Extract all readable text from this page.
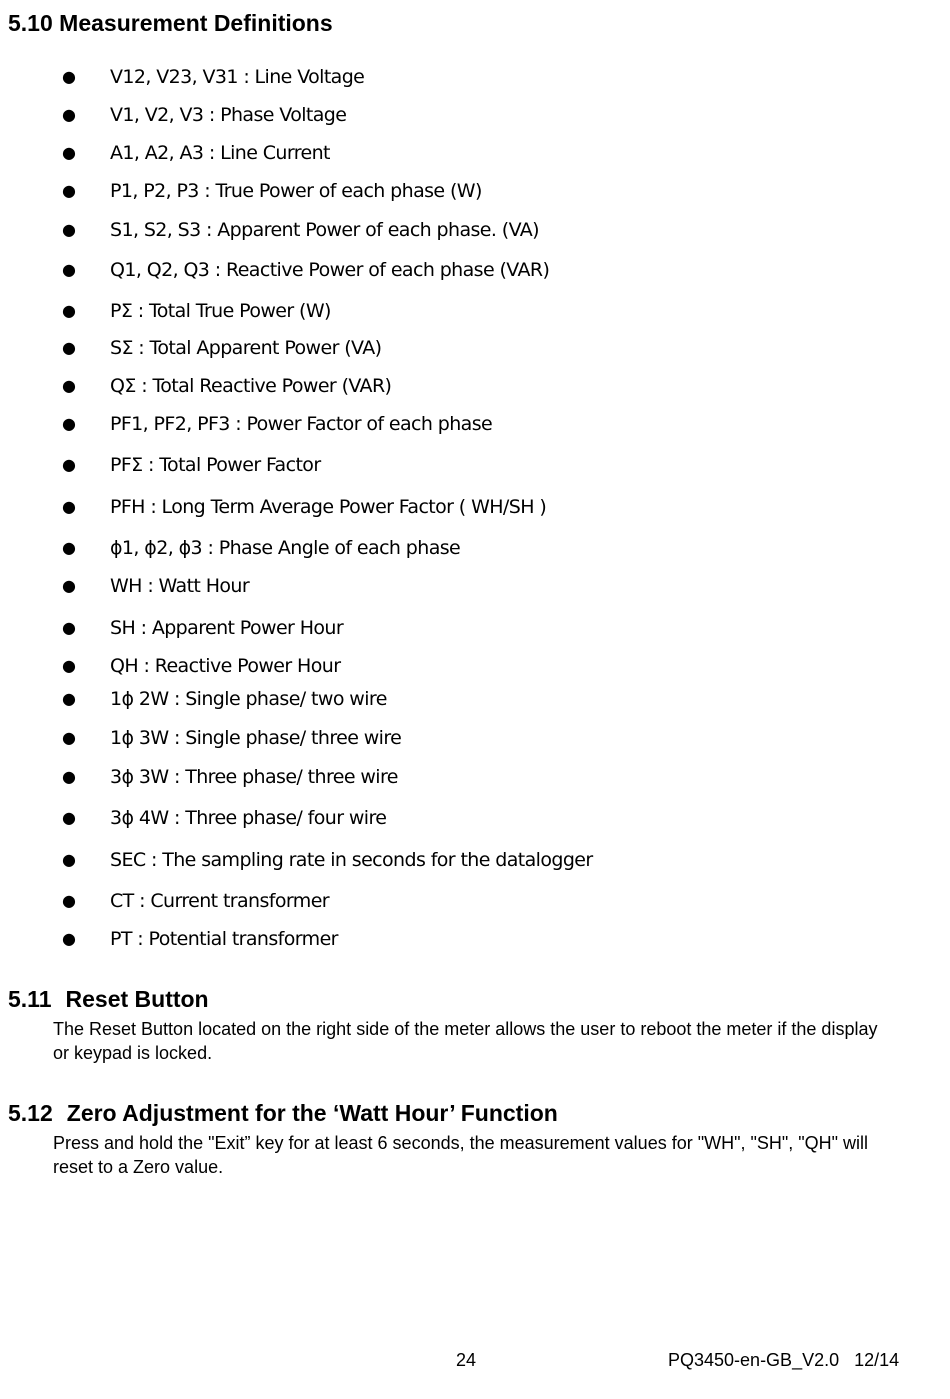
5.10 Measurement Definitions
● V12, V23, V31 : Line Voltage
● V1, V2, V3 : Phase Voltage
● A1, A2, A3 : Line Current
● P1, P2, P3 : True Power of each phase (W)
● S1, S2, S3 : Apparent Power of each phase. (VA)
● Q1, Q2, Q3 : Reactive Power of each phase (VAR)
● PΣ : Total True Power (W)
● SΣ : Total Apparent Power (VA)
● QΣ : Total Reactive Power (VAR)
● PF1, PF2, PF3 : Power Factor of each phase
● PFΣ : Total Power Factor
● PFH : Long Term Average Power Factor ( WH/SH )
● ϕ1, ϕ2, ϕ3 : Phase Angle of each phase
● WH : Watt Hour
● SH : Apparent Power Hour
● QH : Reactive Power Hour
● 1ϕ 2W : Single phase/ two wire
● 1ϕ 3W : Single phase/ three wire
● 3ϕ 3W : Three phase/ three wire
● 3ϕ 4W : Three phase/ four wire
● SEC : The sampling rate in seconds for the datalogger
● CT : Current transformer
● PT : Potential transformer
5.11 Reset Button

The Reset Button located on the right side of the meter allows the user to reboot the meter if the display or keypad is locked.

5.12 Zero Adjustment for the ‘Watt Hour’ Function

Press and hold the "Exit” key for at least 6 seconds, the measurement values for "WH", "SH", "QH" will reset to a Zero value.

24	PQ3450-en-GB_V2.0   12/14
